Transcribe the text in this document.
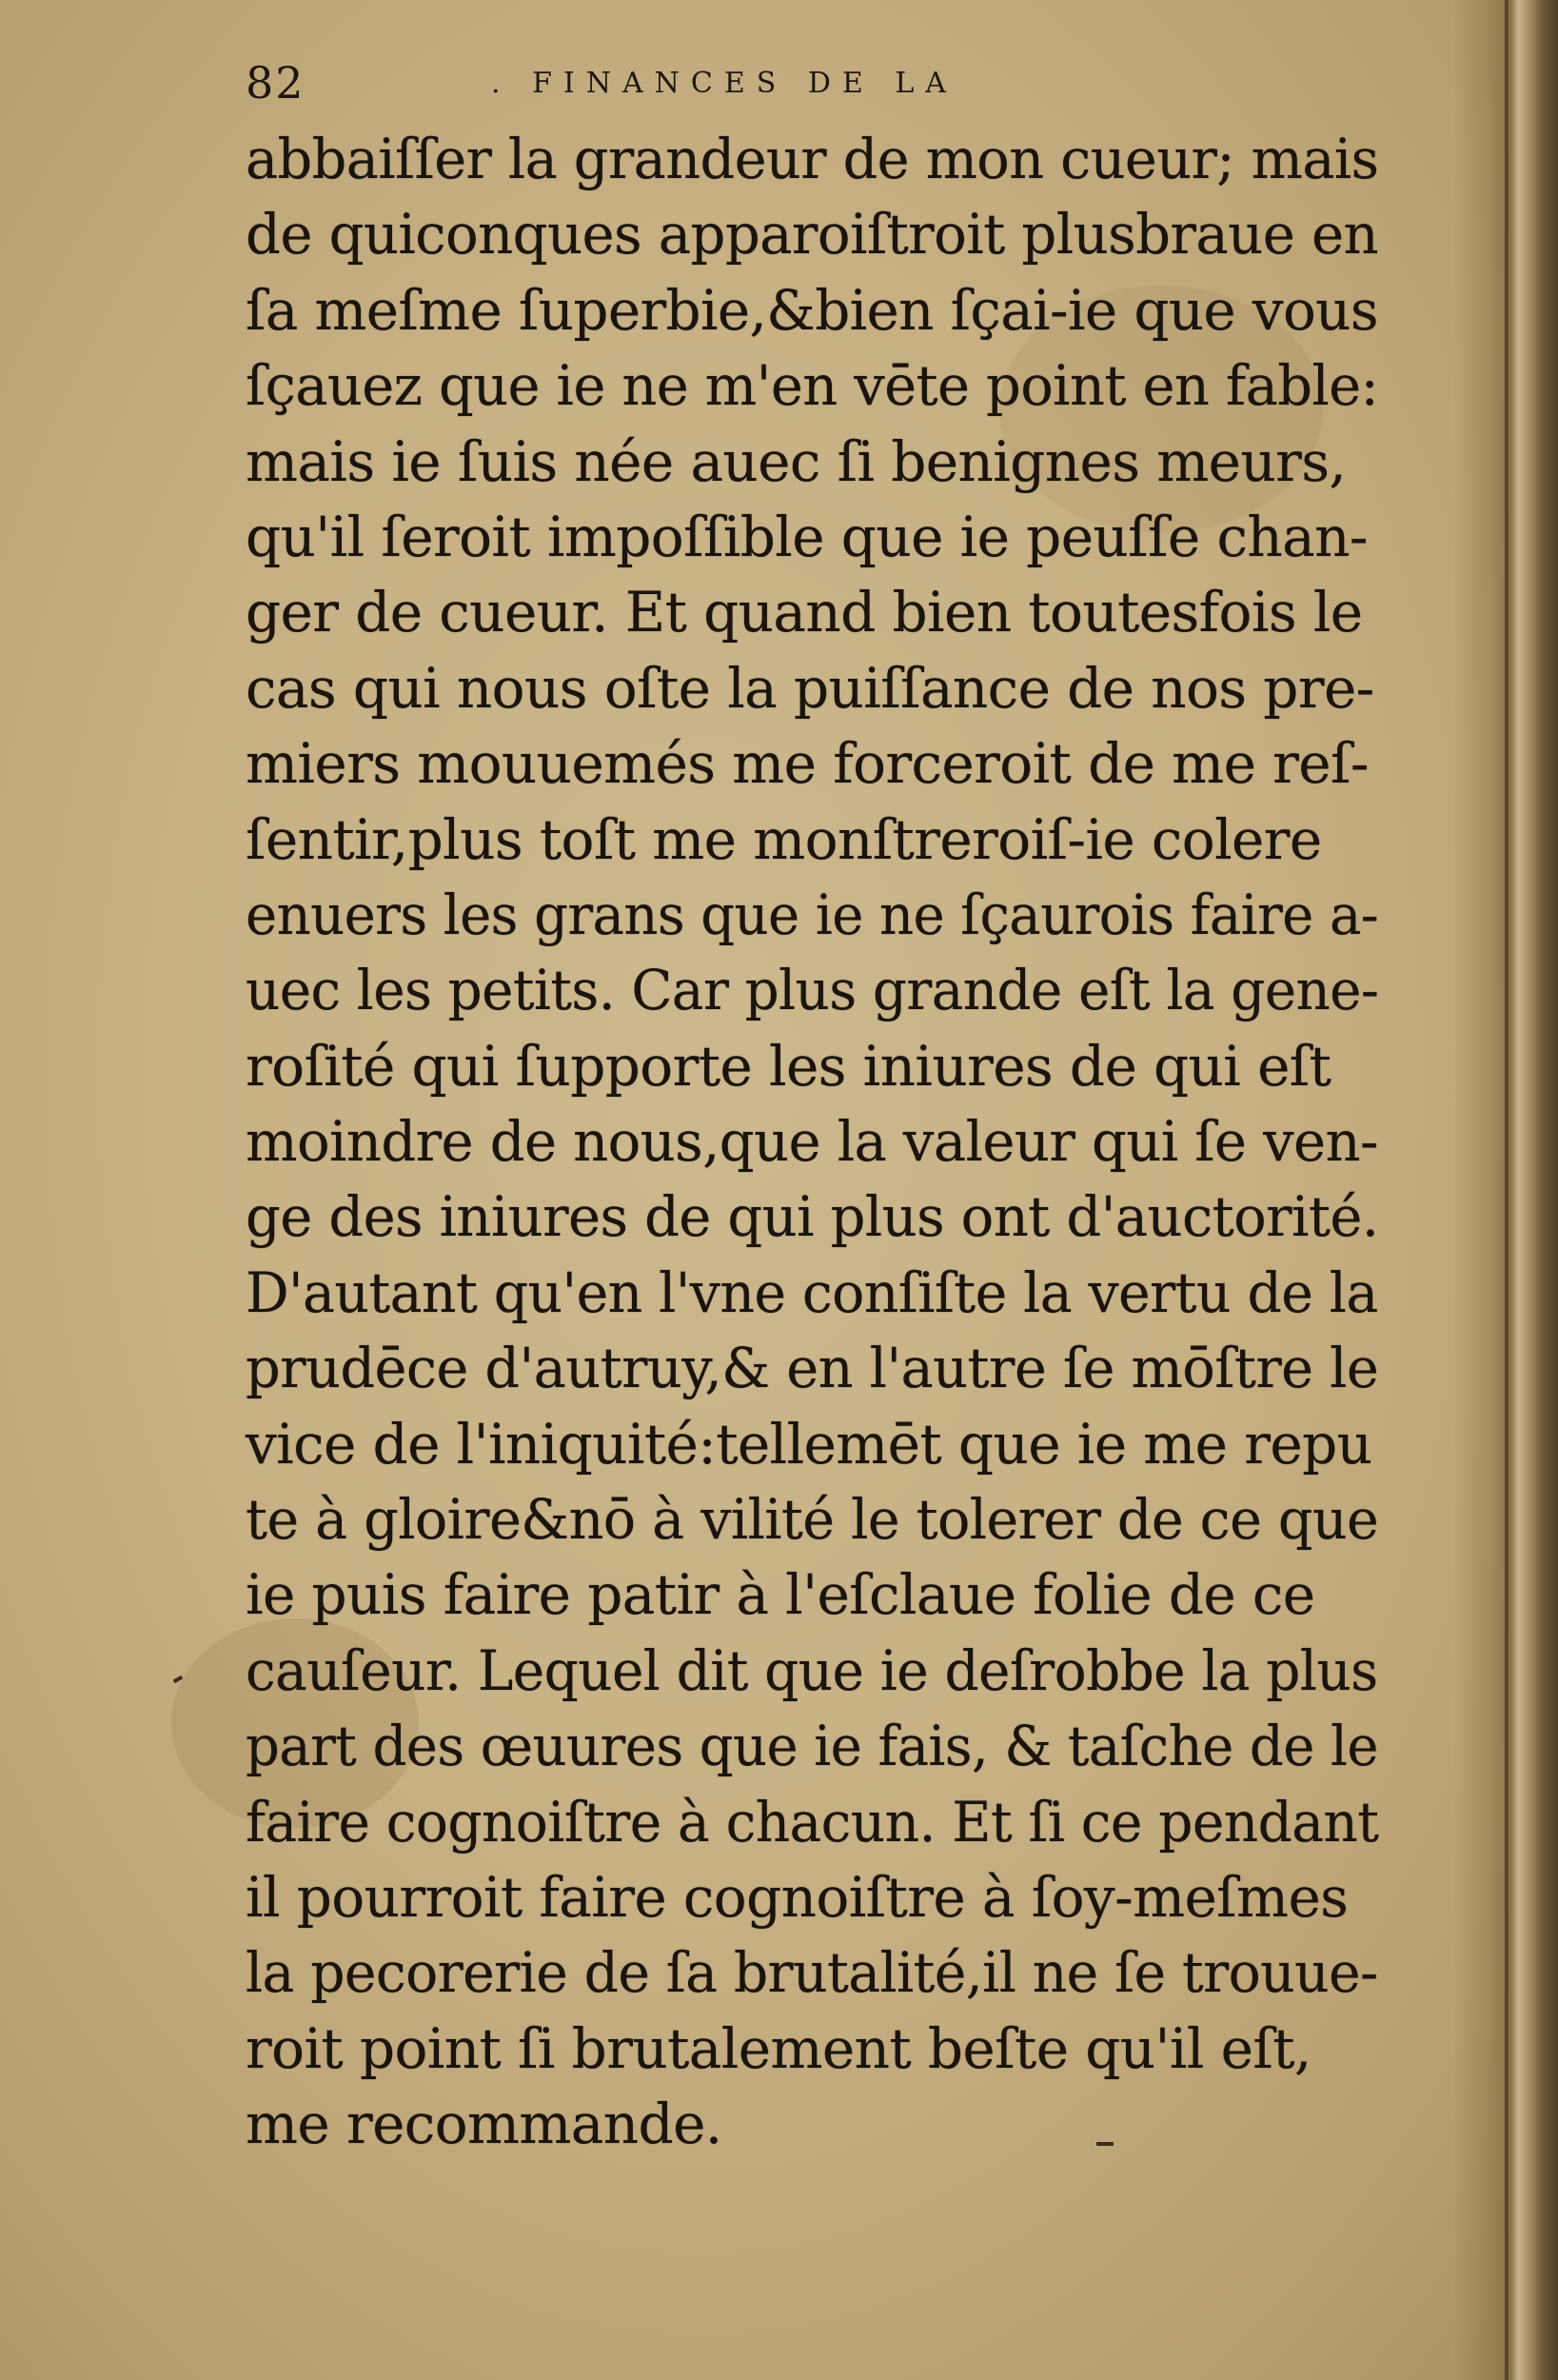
82	. FINANCES DE LA
abbaiſſer la grandeur de mon cueur; mais
de quiconques apparoiſtroit plusbraue en
ſa meſme ſuperbie,&bien ſçai-ie que vous
ſçauez que ie ne m'en vēte point en fable:
mais ie ſuis née auec ſi benignes meurs,
qu'il ſeroit impoſſible que ie peuſſe chan-
ger de cueur. Et quand bien toutesfois le
cas qui nous oſte la puiſſance de nos pre-
miers mouuemés me forceroit de me reſ-
ſentir,plus toſt me monſtreroiſ-ie colere
enuers les grans que ie ne ſçaurois faire a-
uec les petits. Car plus grande eſt la gene-
roſité qui ſupporte les iniures de qui eſt
moindre de nous,que la valeur qui ſe ven-
ge des iniures de qui plus ont d'auctorité.
D'autant qu'en l'vne conſiſte la vertu de la
prudēce d'autruy,& en l'autre ſe mōſtre le
vice de l'iniquité:tellemēt que ie me repu
te à gloire&nō à vilité le tolerer de ce que
ie puis faire patir à l'eſclaue folie de ce
cauſeur. Lequel dit que ie deſrobbe la plus
part des œuures que ie fais, & taſche de le
faire cognoiſtre à chacun. Et ſi ce pendant
il pourroit faire cognoiſtre à ſoy-meſmes
la pecorerie de ſa brutalité,il ne ſe trouue-
roit point ſi brutalement beſte qu'il eſt,
me recommande.
